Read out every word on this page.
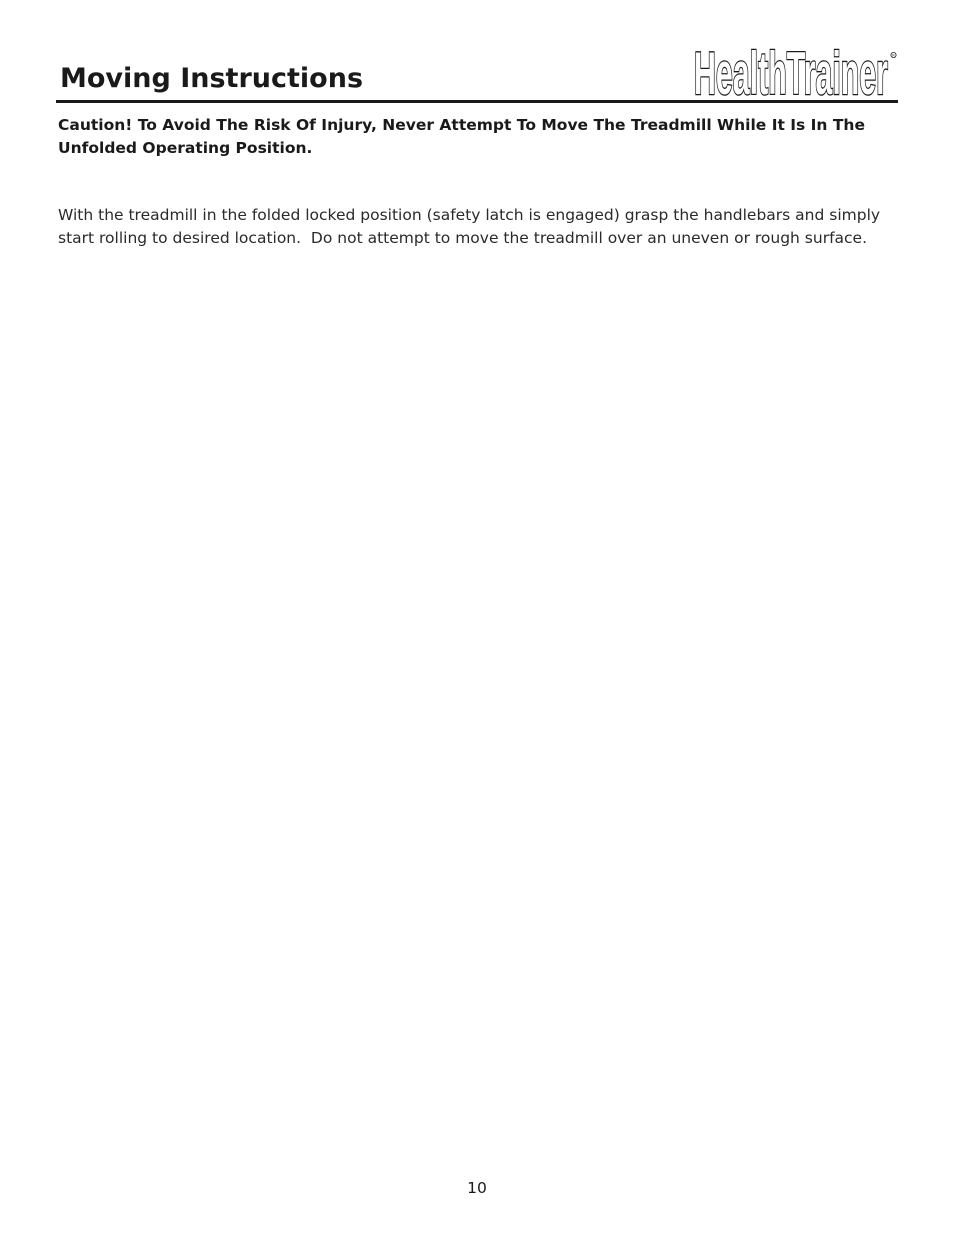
Moving Instructions	HealthTrainer R

Caution! To Avoid The Risk Of Injury, Never Attempt To Move The Treadmill While It Is In The Unfolded Operating Position.

With the treadmill in the folded locked position (safety latch is engaged) grasp the handlebars and simply start rolling to desired location.  Do not attempt to move the treadmill over an uneven or rough surface.

10
